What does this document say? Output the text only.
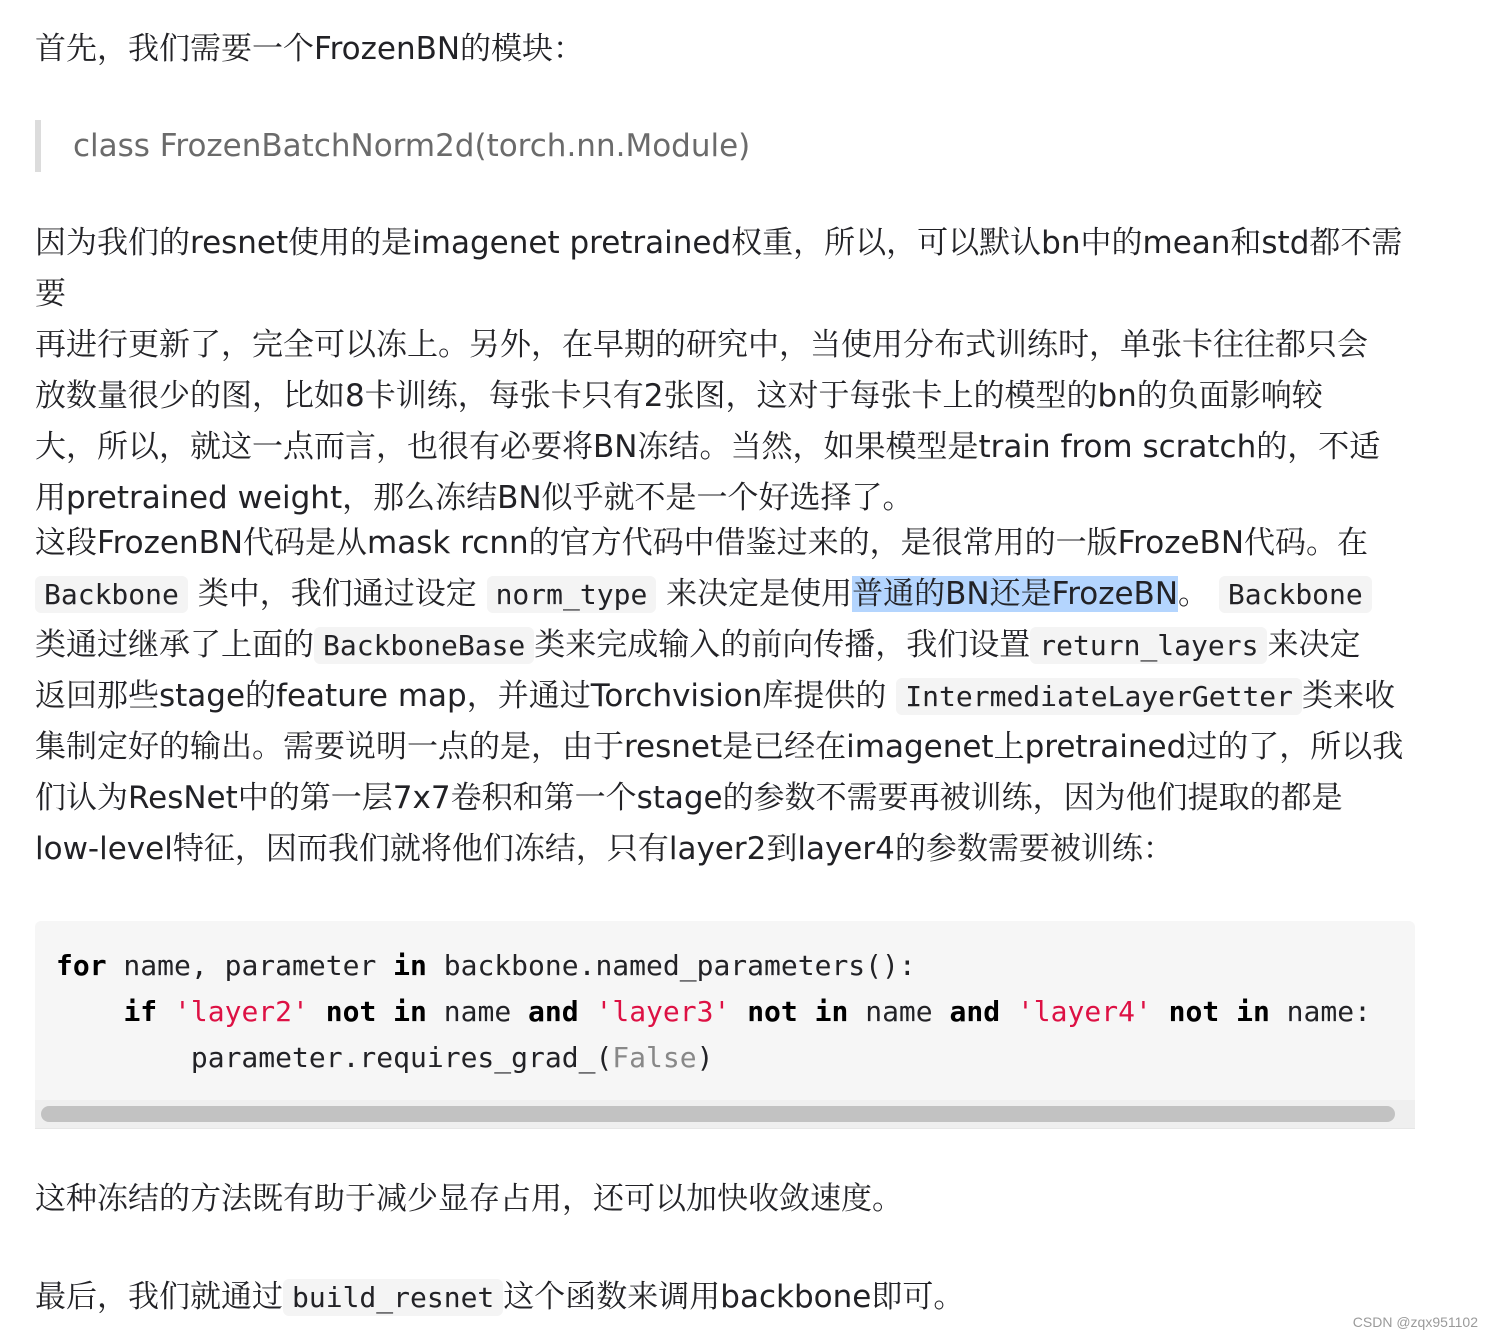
首先，我们需要一个FrozenBN的模块：

class FrozenBatchNorm2d(torch.nn.Module)
因为我们的resnet使用的是imagenet pretrained权重，所以，可以默认bn中的mean和std都不需要
再进行更新了，完全可以冻上。另外，在早期的研究中，当使用分布式训练时，单张卡往往都只会
放数量很少的图，比如8卡训练，每张卡只有2张图，这对于每张卡上的模型的bn的负面影响较
大，所以，就这一点而言，也很有必要将BN冻结。当然，如果模型是train from scratch的，不适
用pretrained weight，那么冻结BN似乎就不是一个好选择了。
这段FrozenBN代码是从mask rcnn的官方代码中借鉴过来的，是很常用的一版FrozeBN代码。在
Backbone 类中，我们通过设定 norm_type 来决定是使用普通的BN还是FrozeBN。 Backbone
类通过继承了上面的 BackboneBase 类来完成输入的前向传播，我们设置 return_layers 来决定
返回那些stage的feature map，并通过Torchvision库提供的 IntermediateLayerGetter 类来收
集制定好的输出。需要说明一点的是，由于resnet是已经在imagenet上pretrained过的了，所以我
们认为ResNet中的第一层7x7卷积和第一个stage的参数不需要再被训练，因为他们提取的都是
low-level特征，因而我们就将他们冻结，只有layer2到layer4的参数需要被训练：
for name, parameter in backbone.named_parameters():
if 'layer2' not in name and 'layer3' not in name and 'layer4' not in name:
parameter.requires_grad_(False)

这种冻结的方法既有助于减少显存占用，还可以加快收敛速度。

最后，我们就通过 build_resnet 这个函数来调用backbone即可。
CSDN @zqx951102
